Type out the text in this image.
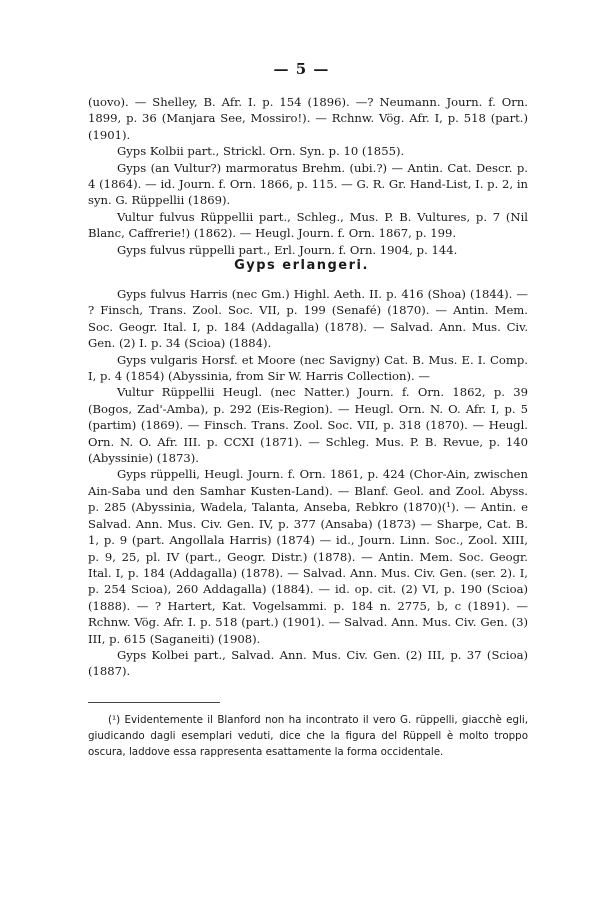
— 5 —

(uovo). — Shelley, B. Afr. I. p. 154 (1896). —? Neumann. Journ. f. Orn. 1899, p. 36 (Manjara See, Mossiro!). — Rchnw. Vög. Afr. I, p. 518 (part.) (1901).

Gyps Kolbii part., Strickl. Orn. Syn. p. 10 (1855).

Gyps (an Vultur?) marmoratus Brehm. (ubi.?) — Antin. Cat. Descr. p. 4 (1864). — id. Journ. f. Orn. 1866, p. 115. — G. R. Gr. Hand-List, I. p. 2, in syn. G. Rüppellii (1869).

Vultur fulvus Rüppellii part., Schleg., Mus. P. B. Vultures, p. 7 (Nil Blanc, Caffrerie!) (1862). — Heugl. Journ. f. Orn. 1867, p. 199.

Gyps fulvus rüppelli part., Erl. Journ. f. Orn. 1904, p. 144.

Gyps erlangeri.

Gyps fulvus Harris (nec Gm.) Highl. Aeth. II. p. 416 (Shoa) (1844). — ? Finsch, Trans. Zool. Soc. VII, p. 199 (Senafé) (1870). — Antin. Mem. Soc. Geogr. Ital. I, p. 184 (Addagalla) (1878). — Salvad. Ann. Mus. Civ. Gen. (2) I. p. 34 (Scioa) (1884).

Gyps vulgaris Horsf. et Moore (nec Savigny) Cat. B. Mus. E. I. Comp. I, p. 4 (1854) (Abyssinia, from Sir W. Harris Collection). —

Vultur Rüppellii Heugl. (nec Natter.) Journ. f. Orn. 1862, p. 39 (Bogos, Zad'-Amba), p. 292 (Eis-Region). — Heugl. Orn. N. O. Afr. I, p. 5 (partim) (1869). — Finsch. Trans. Zool. Soc. VII, p. 318 (1870). — Heugl. Orn. N. O. Afr. III. p. CCXI (1871). — Schleg. Mus. P. B. Revue, p. 140 (Abyssinie) (1873).

Gyps rüppelli, Heugl. Journ. f. Orn. 1861, p. 424 (Chor-Ain, zwischen Ain-Saba und den Samhar Kusten-Land). — Blanf. Geol. and Zool. Abyss. p. 285 (Abyssinia, Wadela, Talanta, Anseba, Rebkro (1870)(¹). — Antin. e Salvad. Ann. Mus. Civ. Gen. IV, p. 377 (Ansaba) (1873) — Sharpe, Cat. B. 1, p. 9 (part. Angollala Harris) (1874) — id., Journ. Linn. Soc., Zool. XIII, p. 9, 25, pl. IV (part., Geogr. Distr.) (1878). — Antin. Mem. Soc. Geogr. Ital. I, p. 184 (Addagalla) (1878). — Salvad. Ann. Mus. Civ. Gen. (ser. 2). I, p. 254 Scioa), 260 Addagalla) (1884). — id. op. cit. (2) VI, p. 190 (Scioa) (1888). — ? Hartert, Kat. Vogelsammi. p. 184 n. 2775, b, c (1891). — Rchnw. Vög. Afr. I. p. 518 (part.) (1901). — Salvad. Ann. Mus. Civ. Gen. (3) III, p. 615 (Saganeiti) (1908).

Gyps Kolbei part., Salvad. Ann. Mus. Civ. Gen. (2) III, p. 37 (Scioa) (1887).

(¹) Evidentemente il Blanford non ha incontrato il vero G. rüppelli, giacchè egli, giudicando dagli esemplari veduti, dice che la figura del Rüppell è molto troppo oscura, laddove essa rappresenta esattamente la forma occidentale.
